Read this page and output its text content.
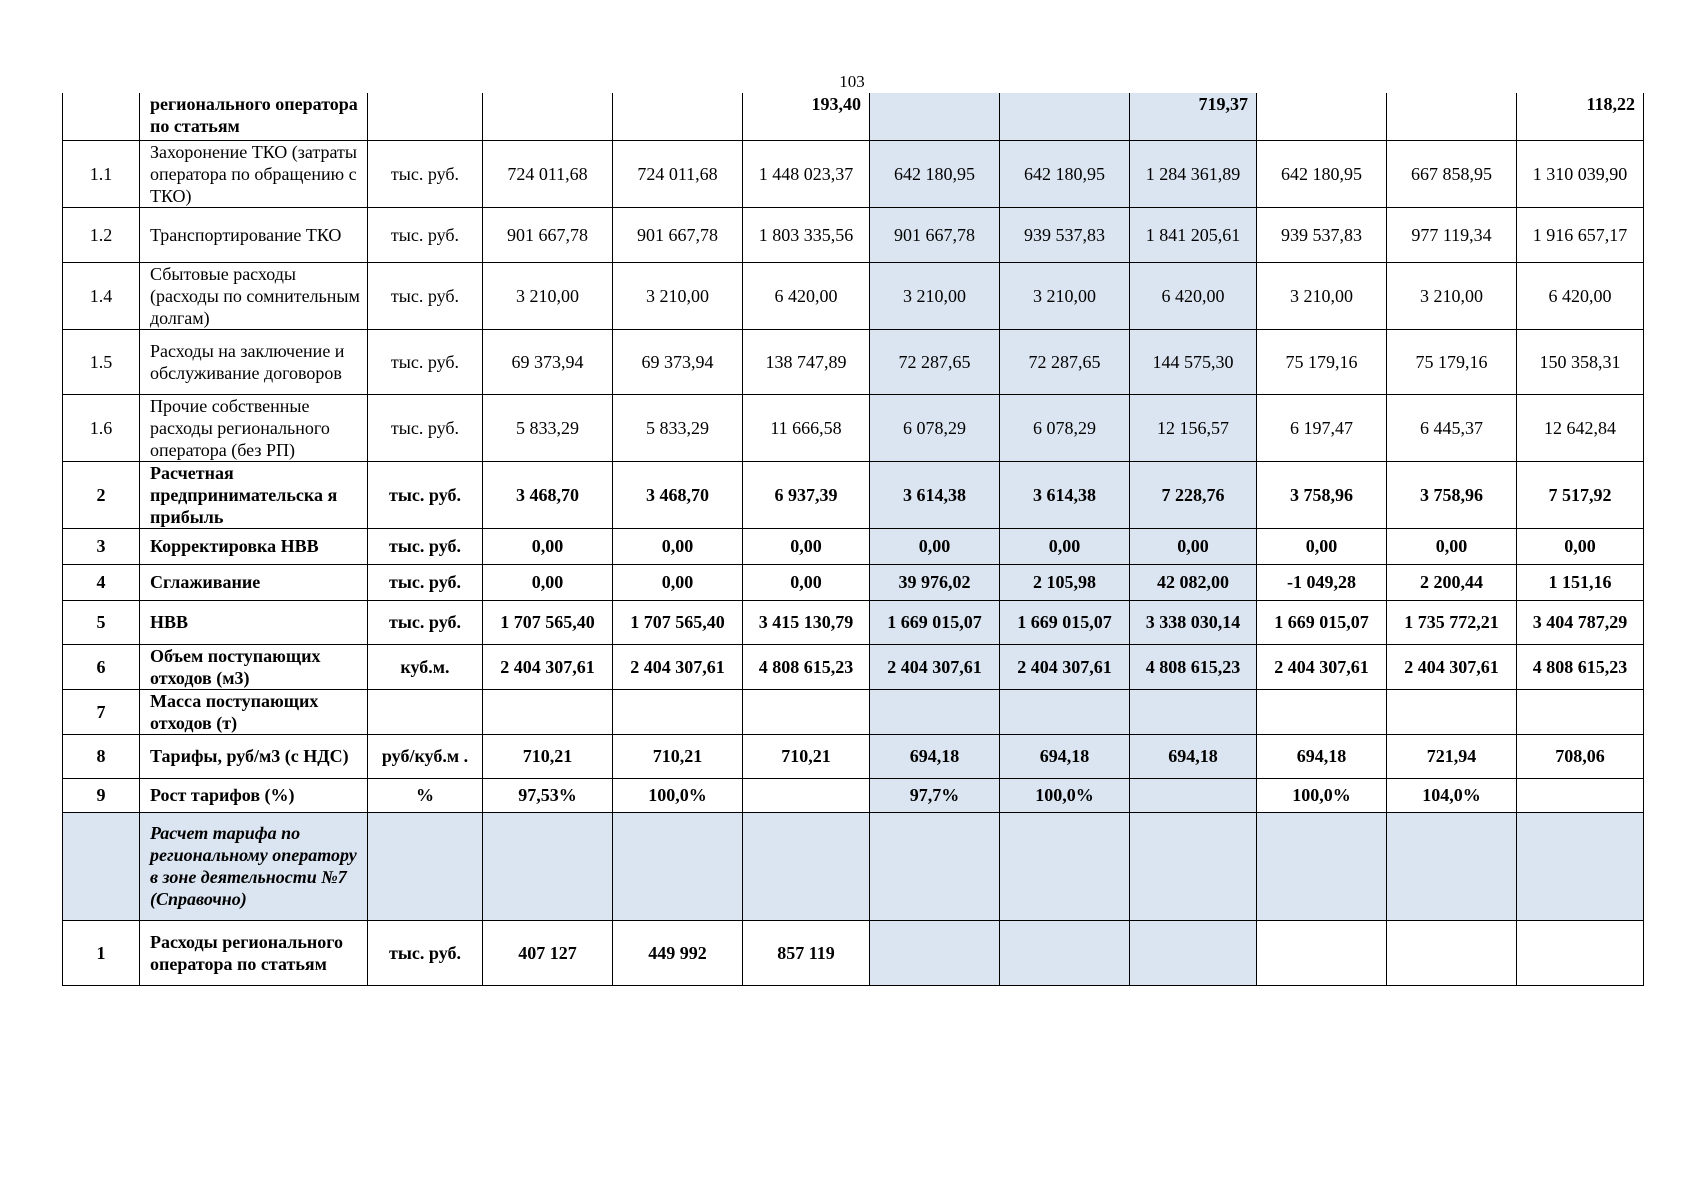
103
	регионального оператора по статьям				193,40			719,37			118,22
1.1	Захоронение ТКО (затраты оператора по обращению с ТКО)	тыс. руб.	724 011,68	724 011,68	1 448 023,37	642 180,95	642 180,95	1 284 361,89	642 180,95	667 858,95	1 310 039,90
1.2	Транспортирование ТКО	тыс. руб.	901 667,78	901 667,78	1 803 335,56	901 667,78	939 537,83	1 841 205,61	939 537,83	977 119,34	1 916 657,17
1.4	Сбытовые расходы (расходы по сомнительным долгам)	тыс. руб.	3 210,00	3 210,00	6 420,00	3 210,00	3 210,00	6 420,00	3 210,00	3 210,00	6 420,00
1.5	Расходы на заключение и обслуживание договоров	тыс. руб.	69 373,94	69 373,94	138 747,89	72 287,65	72 287,65	144 575,30	75 179,16	75 179,16	150 358,31
1.6	Прочие собственные расходы регионального оператора (без РП)	тыс. руб.	5 833,29	5 833,29	11 666,58	6 078,29	6 078,29	12 156,57	6 197,47	6 445,37	12 642,84
2	Расчетная предпринимательска я прибыль	тыс. руб.	3 468,70	3 468,70	6 937,39	3 614,38	3 614,38	7 228,76	3 758,96	3 758,96	7 517,92
3	Корректировка НВВ	тыс. руб.	0,00	0,00	0,00	0,00	0,00	0,00	0,00	0,00	0,00
4	Сглаживание	тыс. руб.	0,00	0,00	0,00	39 976,02	2 105,98	42 082,00	-1 049,28	2 200,44	1 151,16
5	НВВ	тыс. руб.	1 707 565,40	1 707 565,40	3 415 130,79	1 669 015,07	1 669 015,07	3 338 030,14	1 669 015,07	1 735 772,21	3 404 787,29
6	Объем поступающих отходов (м3)	куб.м.	2 404 307,61	2 404 307,61	4 808 615,23	2 404 307,61	2 404 307,61	4 808 615,23	2 404 307,61	2 404 307,61	4 808 615,23
7	Масса поступающих отходов (т)										
8	Тарифы, руб/м3 (с НДС)	руб/куб.м .	710,21	710,21	710,21	694,18	694,18	694,18	694,18	721,94	708,06
9	Рост тарифов (%)	%	97,53%	100,0%		97,7%	100,0%		100,0%	104,0%	
	Расчет тарифа по региональному оператору в зоне деятельности №7 (Справочно)										
1	Расходы регионального оператора по статьям	тыс. руб.	407 127	449 992	857 119						
